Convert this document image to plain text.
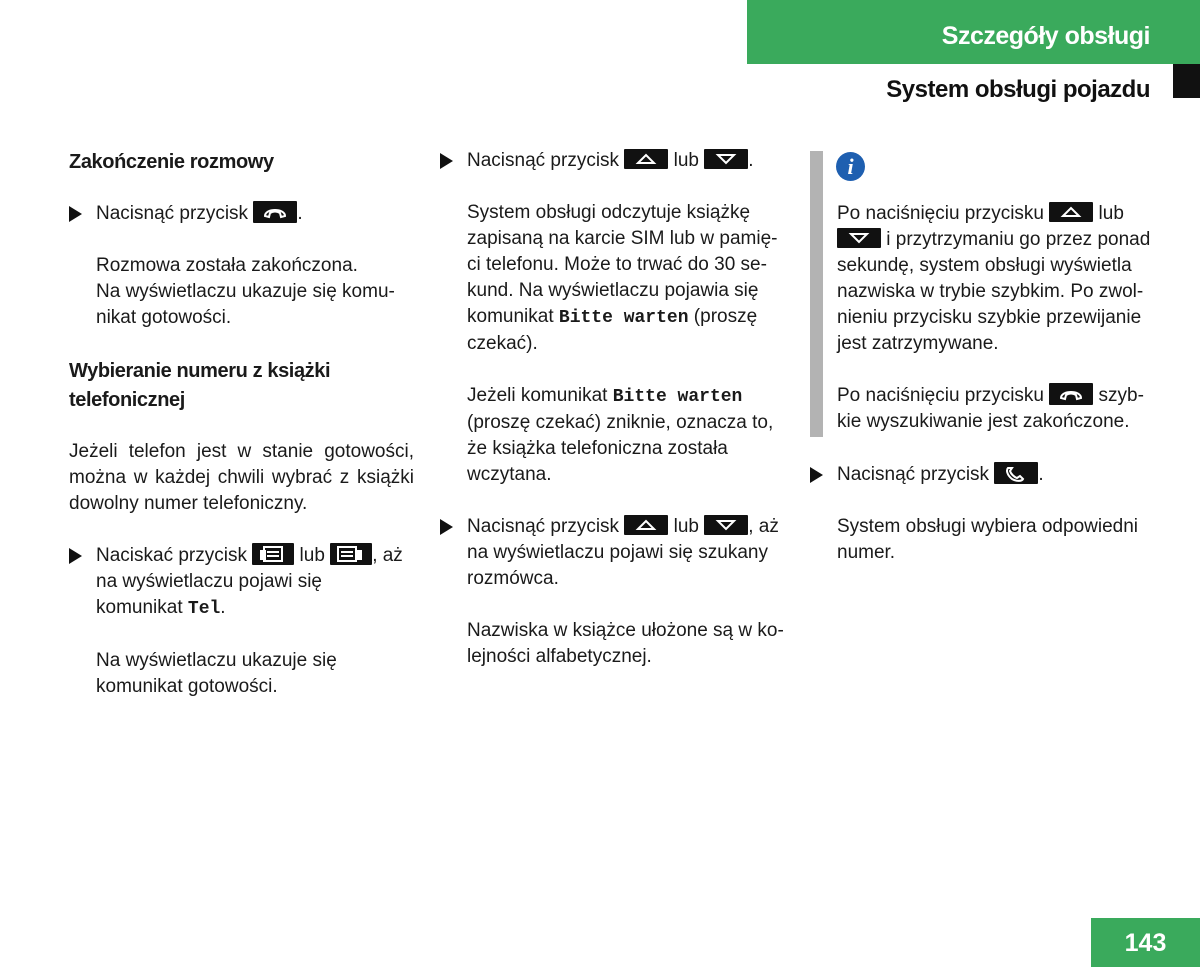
Szczegóły obsługi
System obsługi pojazdu
Zakończenie rozmowy
Nacisnąć przycisk	.
Rozmowa została zakończona.
Na wyświetlaczu ukazuje się komu-
nikat gotowości.
Wybieranie numeru z książki
telefonicznej
Jeżeli telefon jest w stanie gotowości, można w każdej chwili wybrać z książki dowolny numer telefoniczny.
Naciskać przycisk	lub , aż
na wyświetlaczu pojawi się
komunikat Tel.
Na wyświetlaczu ukazuje się
komunikat gotowości.
Nacisnąć przycisk	lub	.
System obsługi odczytuje książkę
zapisaną na karcie SIM lub w pamię-
ci telefonu. Może to trwać do 30 se-
kund. Na wyświetlaczu pojawia się
komunikat Bitte warten (proszę
czekać).
Jeżeli komunikat Bitte warten
(proszę czekać) zniknie, oznacza to,
że książka telefoniczna została
wczytana.
Nacisnąć przycisk	lub	, aż
na wyświetlaczu pojawi się szukany
rozmówca.
Nazwiska w książce ułożone są w ko-
lejności alfabetycznej.
i
Po naciśnięciu przycisku	lub
i przytrzymaniu go przez ponad
sekundę, system obsługi wyświetla
nazwiska w trybie szybkim. Po zwol-
nieniu przycisku szybkie przewijanie
jest zatrzymywane.
Po naciśnięciu przycisku	szyb-
kie wyszukiwanie jest zakończone.
Nacisnąć przycisk	.
System obsługi wybiera odpowiedni
numer.
143
